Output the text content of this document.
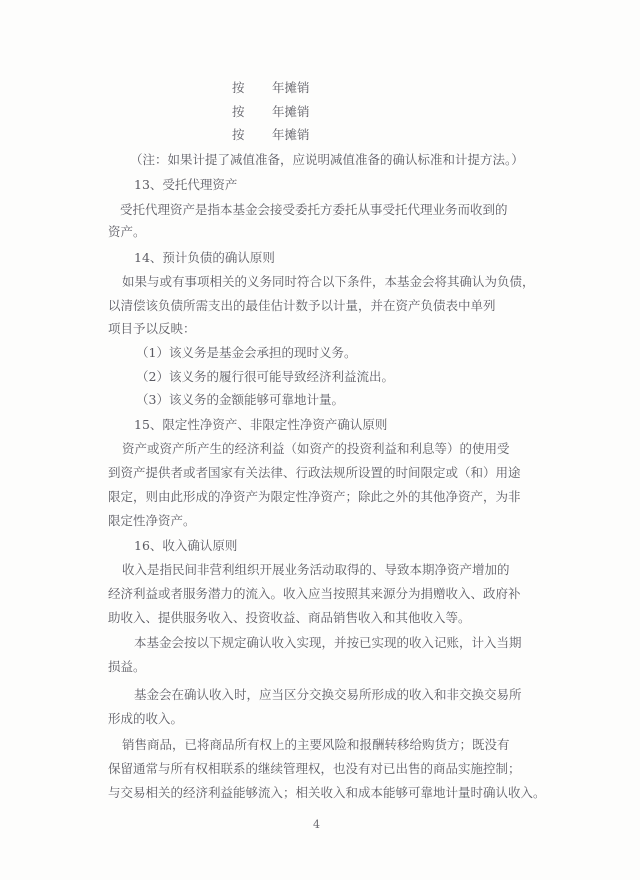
按 年摊销
按 年摊销
按 年摊销
（注：如果计提了减值准备，应说明减值准备的确认标准和计提方法。）
13、受托代理资产
受托代理资产是指本基金会接受委托方委托从事受托代理业务而收到的
资产。
14、预计负债的确认原则
如果与或有事项相关的义务同时符合以下条件，本基金会将其确认为负债，
以清偿该负债所需支出的最佳估计数予以计量，并在资产负债表中单列
项目予以反映：
（1）该义务是基金会承担的现时义务。
（2）该义务的履行很可能导致经济利益流出。
（3）该义务的金额能够可靠地计量。
15、限定性净资产、非限定性净资产确认原则
资产或资产所产生的经济利益（如资产的投资利益和利息等）的使用受
到资产提供者或者国家有关法律、行政法规所设置的时间限定或（和）用途
限定，则由此形成的净资产为限定性净资产；除此之外的其他净资产，为非
限定性净资产。
16、收入确认原则
收入是指民间非营利组织开展业务活动取得的、导致本期净资产增加的
经济利益或者服务潜力的流入。收入应当按照其来源分为捐赠收入、政府补
助收入、提供服务收入、投资收益、商品销售收入和其他收入等。
本基金会按以下规定确认收入实现，并按已实现的收入记账，计入当期
损益。
基金会在确认收入时，应当区分交换交易所形成的收入和非交换交易所
形成的收入。
销售商品，已将商品所有权上的主要风险和报酬转移给购货方；既没有
保留通常与所有权相联系的继续管理权，也没有对已出售的商品实施控制；
与交易相关的经济利益能够流入；相关收入和成本能够可靠地计量时确认收入。
4
